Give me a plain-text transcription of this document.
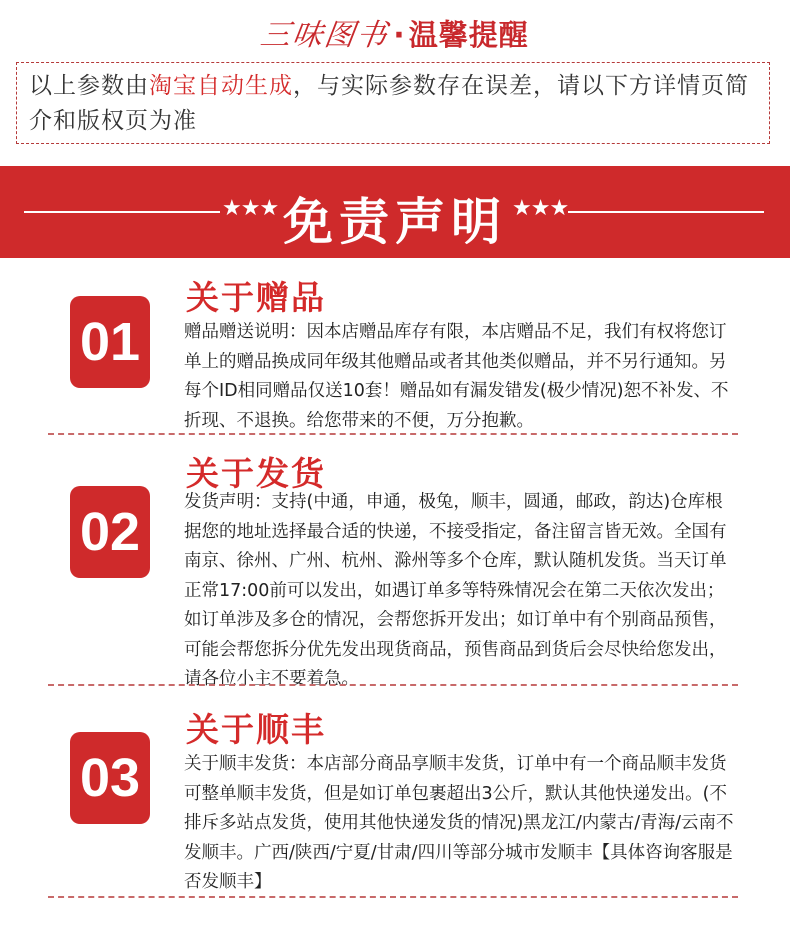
三味图书· 温馨提醒
以上参数由淘宝自动生成，与实际参数存在误差，请以下方详情页简介和版权页为准
★★★ 免责声明 ★★★
01
关于赠品
赠品赠送说明：因本店赠品库存有限，本店赠品不足，我们有权将您订单上的赠品换成同年级其他赠品或者其他类似赠品，并不另行通知。另每个ID相同赠品仅送10套！赠品如有漏发错发(极少情况)恕不补发、不折现、不退换。给您带来的不便，万分抱歉。
02
关于发货
发货声明：支持(中通，申通，极兔，顺丰，圆通，邮政，韵达)仓库根据您的地址选择最合适的快递，不接受指定，备注留言皆无效。全国有南京、徐州、广州、杭州、滁州等多个仓库，默认随机发货。当天订单正常17:00前可以发出，如遇订单多等特殊情况会在第二天依次发出；如订单涉及多仓的情况，会帮您拆开发出；如订单中有个别商品预售，可能会帮您拆分优先发出现货商品，预售商品到货后会尽快给您发出，请各位小主不要着急。
03
关于顺丰
关于顺丰发货：本店部分商品享顺丰发货，订单中有一个商品顺丰发货可整单顺丰发货，但是如订单包裹超出3公斤，默认其他快递发出。(不排斥多站点发货，使用其他快递发货的情况)黑龙江/内蒙古/青海/云南不发顺丰。广西/陕西/宁夏/甘肃/四川等部分城市发顺丰【具体咨询客服是否发顺丰】
